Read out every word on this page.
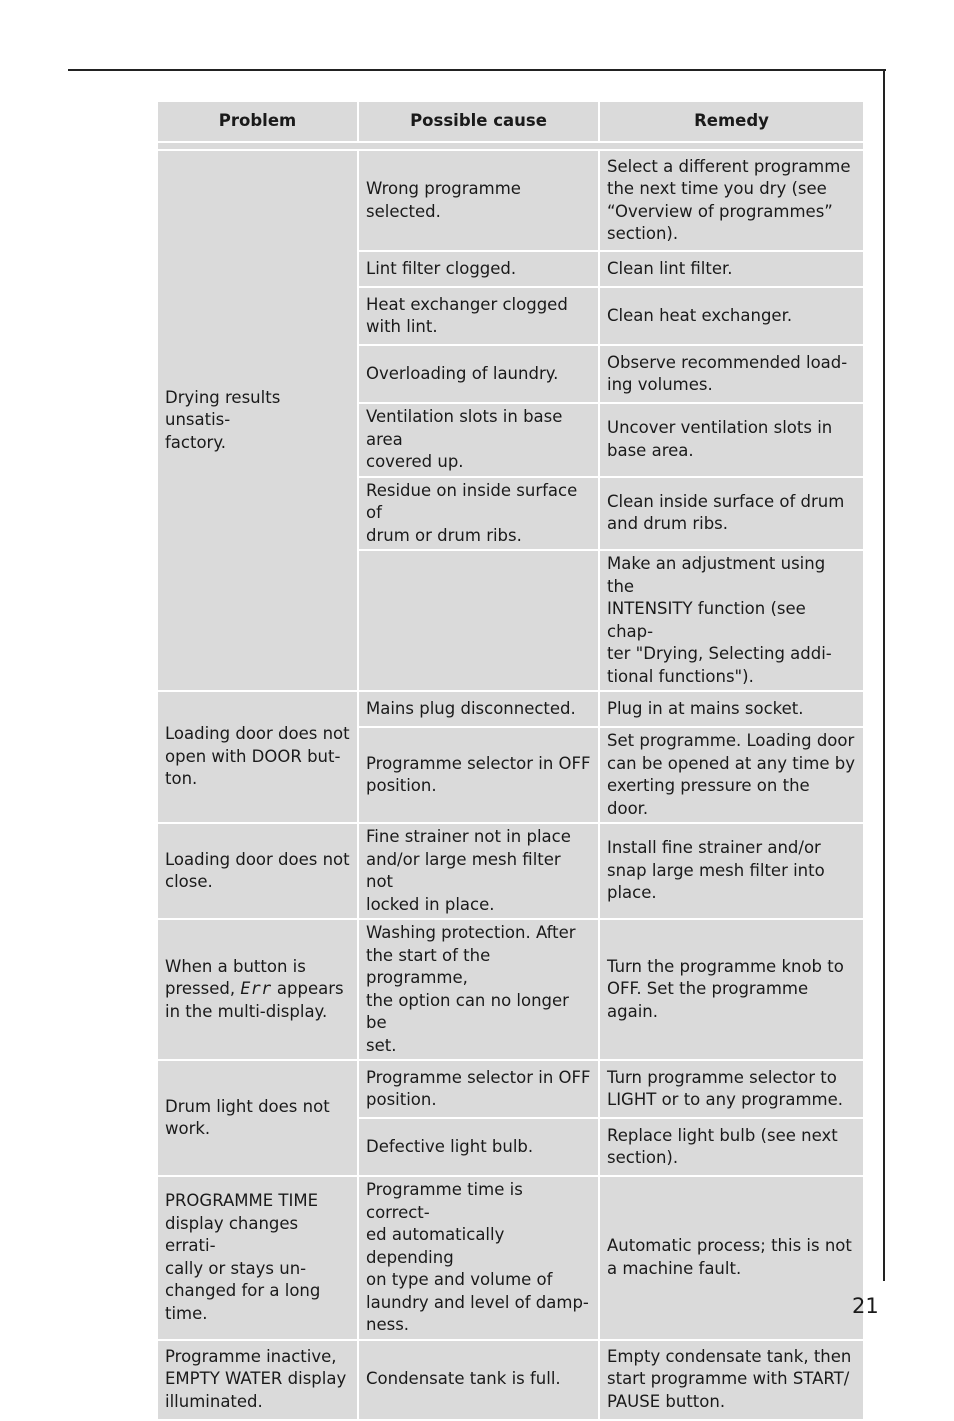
Problem	Possible cause	Remedy

Drying results unsatis-
factory.	Wrong programme selected.	Select a different programme
the next time you dry (see
“Overview of programmes”
section).
	Lint filter clogged.	Clean lint filter.
	Heat exchanger clogged
with lint.	Clean heat exchanger.
	Overloading of laundry.	Observe recommended load-
ing volumes.
	Ventilation slots in base area
covered up.	Uncover ventilation slots in
base area.
	Residue on inside surface of
drum or drum ribs.	Clean inside surface of drum
and drum ribs.
		Make an adjustment using the
INTENSITY function (see chap-
ter "Drying, Selecting addi-
tional functions").
Loading door does not
open with DOOR but-
ton.	Mains plug disconnected.	Plug in at mains socket.
	Programme selector in OFF
position.	Set programme. Loading door
can be opened at any time by
exerting pressure on the door.
Loading door does not
close.	Fine strainer not in place
and/or large mesh filter not
locked in place.	Install fine strainer and/or
snap large mesh filter into
place.
When a button is
pressed, Err appears
in the multi-display.	Washing protection. After
the start of the programme,
the option can no longer be
set.	Turn the programme knob to
OFF. Set the programme again.
Drum light does not
work.	Programme selector in OFF
position.	Turn programme selector to
LIGHT or to any programme.
	Defective light bulb.	Replace light bulb (see next
section).
PROGRAMME TIME
display changes errati-
cally or stays un-
changed for a long
time.	Programme time is correct-
ed automatically depending
on type and volume of
laundry and level of damp-
ness.	Automatic process; this is not
a machine fault.
Programme inactive,
EMPTY WATER display
illuminated.	Condensate tank is full.	Empty condensate tank, then
start programme with START/
PAUSE button.
21
